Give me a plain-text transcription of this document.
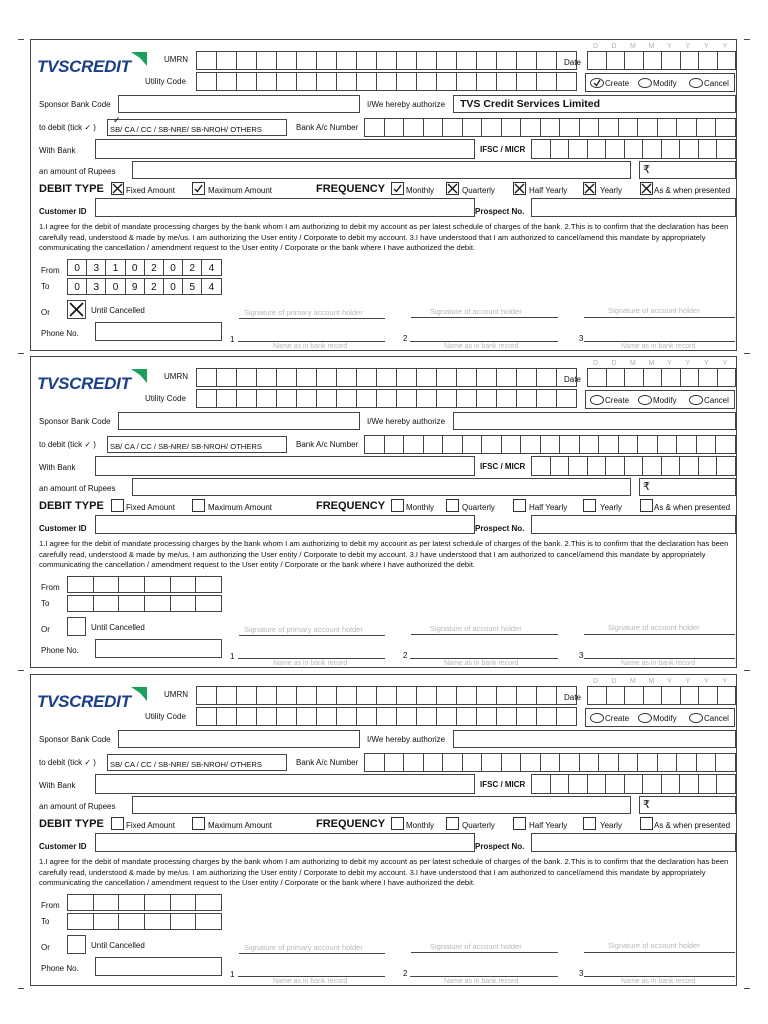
TVSCREDIT	UMRN
Utility Code
D D M M Y Y Y Y
Date
Create	Modify	Cancel
Sponsor Bank Code	I/We hereby authorize TVS Credit Services Limited
to debit (tick ✓ ) SB/ CA / CC / SB-NRE/ SB-NROH/ OTHERS	Bank A/c Number
With Bank	IFSC / MICR
an amount of Rupees	₹
DEBIT TYPE	Fixed Amount	Maximum Amount	FREQUENCY	Monthly	Quarterly	Half Yearly	Yearly	As & when presented
Customer ID	Prospect No.
1.I agree for the debit of mandate processing charges by the bank whom I am authorizing to debit my account as per latest schedule of charges of the bank. 2.This is to confirm that the declaration has been carefully read, understood & made by me/us. I am authorizing the User entity / Corporate to debit my account. 3.I have understood that I am authorized to cancel/amend this mandate by appropriately communicating the cancellation / amendment request to the User entity / Corporate or the bank where I have authorized the debit.
From	0	3	1	0	2	0	2	4
To	0	3	0	9	2	0	5	4
Or	Until Cancelled
Phone No.
Signature of primary account holder	Signature of account holder	Signature of account holder
1	2	3
Name as in bank record	Name as in bank record	Name as in bank record
✓
TVSCREDIT	UMRN
Utility Code
D D M M Y Y Y Y
Date
Create	Modify	Cancel
Sponsor Bank Code	I/We hereby authorize
to debit (tick ✓ ) SB/ CA / CC / SB-NRE/ SB-NROH/ OTHERS	Bank A/c Number
With Bank	IFSC / MICR
an amount of Rupees	₹
DEBIT TYPE	Fixed Amount	Maximum Amount	FREQUENCY	Monthly	Quarterly	Half Yearly	Yearly	As & when presented
Customer ID	Prospect No.
1.I agree for the debit of mandate processing charges by the bank whom I am authorizing to debit my account as per latest schedule of charges of the bank. 2.This is to confirm that the declaration has been carefully read, understood & made by me/us. I am authorizing the User entity / Corporate to debit my account. 3.I have understood that I am authorized to cancel/amend this mandate by appropriately communicating the cancellation / amendment request to the User entity / Corporate or the bank where I have authorized the debit.
From
To
Or	Until Cancelled
Phone No.
Signature of primary account holder	Signature of account holder	Signature of account holder
1	2	3
Name as in bank record	Name as in bank record	Name as in bank record
TVSCREDIT	UMRN
Utility Code
D D M M Y Y Y Y
Date
Create	Modify	Cancel
Sponsor Bank Code	I/We hereby authorize
to debit (tick ✓ ) SB/ CA / CC / SB-NRE/ SB-NROH/ OTHERS	Bank A/c Number
With Bank	IFSC / MICR
an amount of Rupees	₹
DEBIT TYPE	Fixed Amount	Maximum Amount	FREQUENCY	Monthly	Quarterly	Half Yearly	Yearly	As & when presented
Customer ID	Prospect No.
1.I agree for the debit of mandate processing charges by the bank whom I am authorizing to debit my account as per latest schedule of charges of the bank. 2.This is to confirm that the declaration has been carefully read, understood & made by me/us. I am authorizing the User entity / Corporate to debit my account. 3.I have understood that I am authorized to cancel/amend this mandate by appropriately communicating the cancellation / amendment request to the User entity / Corporate or the bank where I have authorized the debit.
From
To
Or	Until Cancelled
Phone No.
Signature of primary account holder	Signature of account holder	Signature of account holder
1	2	3
Name as in bank record	Name as in bank record	Name as in bank record
